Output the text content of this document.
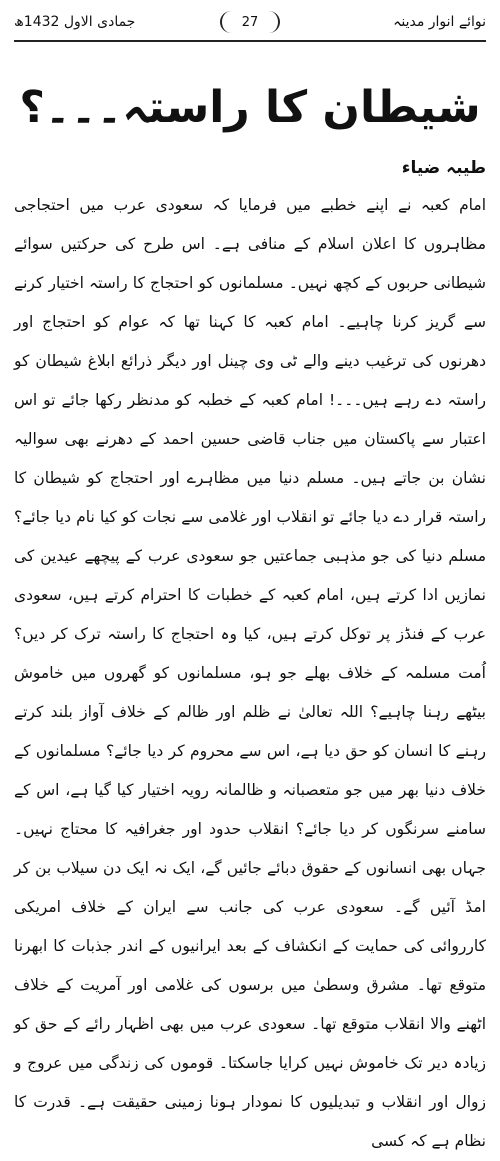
نوائے انوار مدینہ
27
جمادی الاول 1432ھ
شیطان کا راستہ۔۔۔؟
طیبہ ضیاء

امام کعبہ نے اپنے خطبے میں فرمایا کہ سعودی عرب میں احتجاجی مظاہروں کا اعلان اسلام کے منافی ہے۔ اس طرح کی حرکتیں سوائے شیطانی حربوں کے کچھ نہیں۔ مسلمانوں کو احتجاج کا راستہ اختیار کرنے سے گریز کرنا چاہیے۔ امام کعبہ کا کہنا تھا کہ عوام کو احتجاج اور دھرنوں کی ترغیب دینے والے ٹی وی چینل اور دیگر ذرائع ابلاغ شیطان کو راستہ دے رہے ہیں۔۔۔! امام کعبہ کے خطبہ کو مدنظر رکھا جائے تو اس اعتبار سے پاکستان میں جناب قاضی حسین احمد کے دھرنے بھی سوالیہ نشان بن جاتے ہیں۔ مسلم دنیا میں مظاہرے اور احتجاج کو شیطان کا راستہ قرار دے دیا جائے تو انقلاب اور غلامی سے نجات کو کیا نام دیا جائے؟ مسلم دنیا کی جو مذہبی جماعتیں جو سعودی عرب کے پیچھے عیدین کی نمازیں ادا کرتے ہیں، امام کعبہ کے خطبات کا احترام کرتے ہیں، سعودی عرب کے فنڈز پر توکل کرتے ہیں، کیا وہ احتجاج کا راستہ ترک کر دیں؟ اُمت مسلمہ کے خلاف بھلے جو ہو، مسلمانوں کو گھروں میں خاموش بیٹھے رہنا چاہیے؟ اللہ تعالیٰ نے ظلم اور ظالم کے خلاف آواز بلند کرتے رہنے کا انسان کو حق دیا ہے، اس سے محروم کر دیا جائے؟ مسلمانوں کے خلاف دنیا بھر میں جو متعصبانہ و ظالمانہ رویہ اختیار کیا گیا ہے، اس کے سامنے سرنگوں کر دیا جائے؟ انقلاب حدود اور جغرافیہ کا محتاج نہیں۔ جہاں بھی انسانوں کے حقوق دبائے جائیں گے، ایک نہ ایک دن سیلاب بن کر امڈ آئیں گے۔ سعودی عرب کی جانب سے ایران کے خلاف امریکی کارروائی کی حمایت کے انکشاف کے بعد ایرانیوں کے اندر جذبات کا ابھرنا متوقع تھا۔ مشرق وسطیٰ میں برسوں کی غلامی اور آمریت کے خلاف اٹھنے والا انقلاب متوقع تھا۔ سعودی عرب میں بھی اظہار رائے کے حق کو زیادہ دیر تک خاموش نہیں کرایا جاسکتا۔ قوموں کی زندگی میں عروج و زوال اور انقلاب و تبدیلیوں کا نمودار ہونا زمینی حقیقت ہے۔ قدرت کا نظام ہے کہ کسی
